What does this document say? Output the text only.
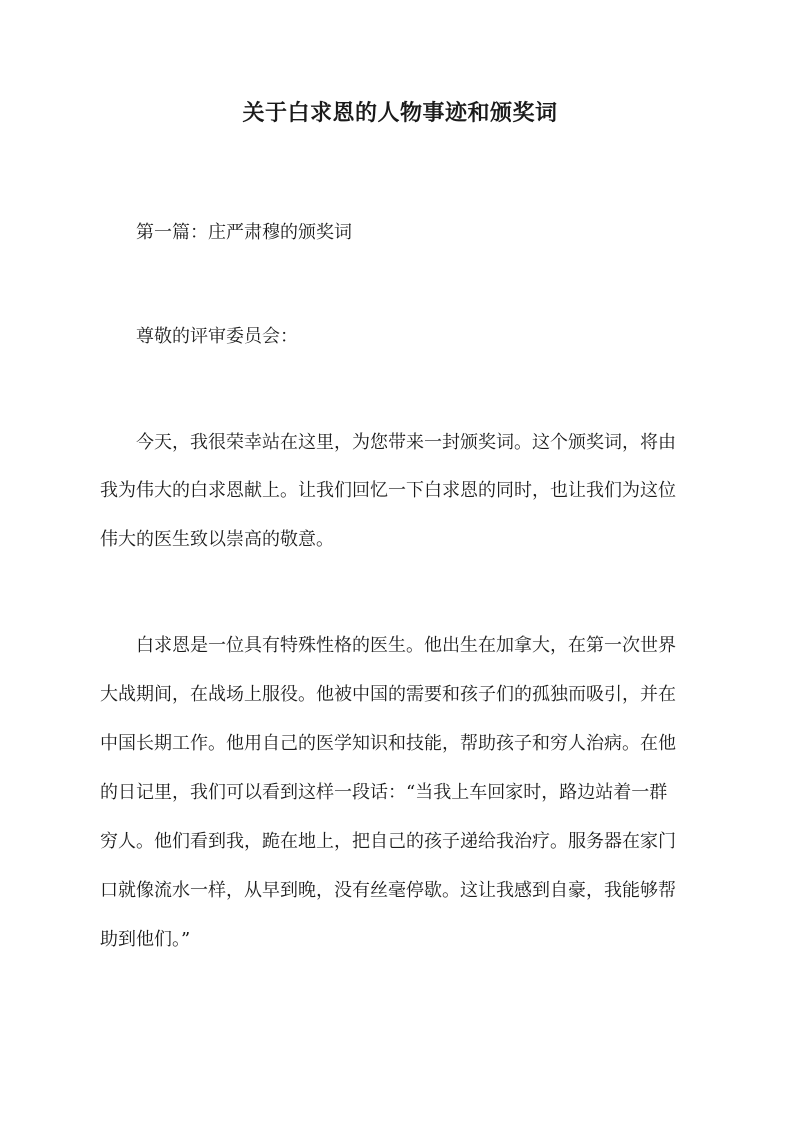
关于白求恩的人物事迹和颁奖词

第一篇：庄严肃穆的颁奖词

尊敬的评审委员会：

今天，我很荣幸站在这里，为您带来一封颁奖词。这个颁奖词，将由

我为伟大的白求恩献上。让我们回忆一下白求恩的同时，也让我们为这位

伟大的医生致以崇高的敬意。

白求恩是一位具有特殊性格的医生。他出生在加拿大，在第一次世界

大战期间，在战场上服役。他被中国的需要和孩子们的孤独而吸引，并在

中国长期工作。他用自己的医学知识和技能，帮助孩子和穷人治病。在他

的日记里，我们可以看到这样一段话：“当我上车回家时，路边站着一群

穷人。他们看到我，跪在地上，把自己的孩子递给我治疗。服务器在家门

口就像流水一样，从早到晚，没有丝毫停歇。这让我感到自豪，我能够帮

助到他们。”
